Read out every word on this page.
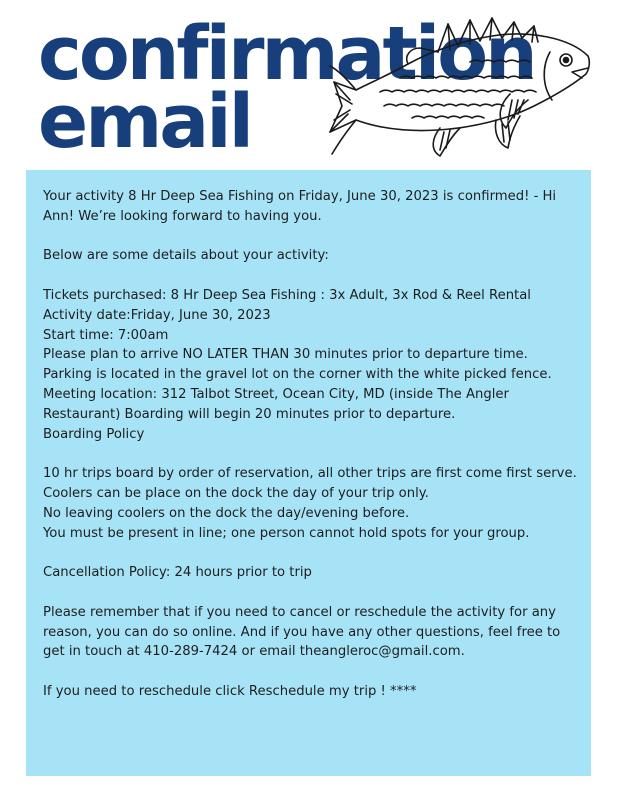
confirmation
email

Your activity 8 Hr Deep Sea Fishing on Friday, June 30, 2023 is confirmed! - Hi Ann! We’re looking forward to having you.

Below are some details about your activity:

Tickets purchased: 8 Hr Deep Sea Fishing : 3x Adult, 3x Rod & Reel Rental

Activity date:Friday, June 30, 2023

Start time: 7:00am

Please plan to arrive NO LATER THAN 30 minutes prior to departure time.

Parking is located in the gravel lot on the corner with the white picked fence.

Meeting location: 312 Talbot Street, Ocean City, MD (inside The Angler Restaurant) Boarding will begin 20 minutes prior to departure.

Boarding Policy

10 hr trips board by order of reservation, all other trips are first come first serve.

Coolers can be place on the dock the day of your trip only.

No leaving coolers on the dock the day/evening before.

You must be present in line; one person cannot hold spots for your group.

Cancellation Policy: 24 hours prior to trip

Please remember that if you need to cancel or reschedule the activity for any reason, you can do so online. And if you have any other questions, feel free to get in touch at 410-289-7424 or email theangleroc@gmail.com.

If you need to reschedule click Reschedule my trip ! ****
